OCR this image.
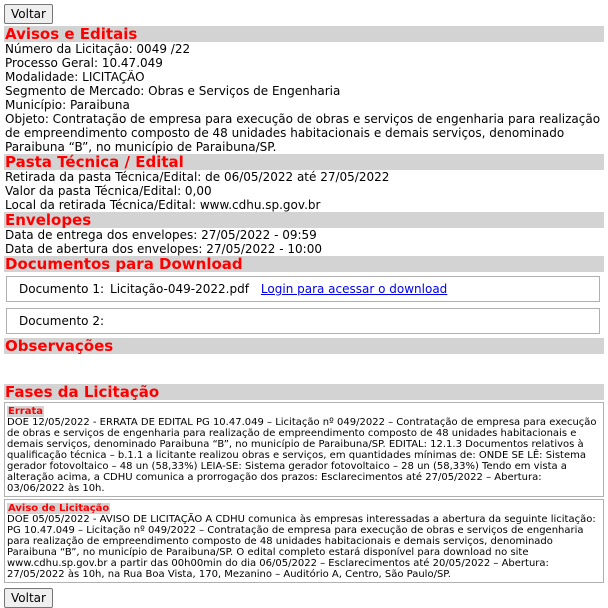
Voltar
Avisos e Editais
Número da Licitação: 0049 /22
Processo Geral: 10.47.049
Modalidade: LICITAÇÃO
Segmento de Mercado: Obras e Serviços de Engenharia
Município: Paraibuna
Objeto: Contratação de empresa para execução de obras e serviços de engenharia para realização de empreendimento composto de 48 unidades habitacionais e demais serviços, denominado Paraibuna “B”, no município de Paraibuna/SP.
Pasta Técnica / Edital
Retirada da pasta Técnica/Edital: de 06/05/2022 até 27/05/2022
Valor da pasta Técnica/Edital: 0,00
Local da retirada Técnica/Edital: www.cdhu.sp.gov.br
Envelopes
Data de entrega dos envelopes: 27/05/2022 - 09:59
Data de abertura dos envelopes: 27/05/2022 - 10:00
Documentos para Download
Documento 1: Licitação-049-2022.pdf Login para acessar o download
Documento 2:
Observações
Fases da Licitação
Errata
DOE 12/05/2022 - ERRATA DE EDITAL PG 10.47.049 – Licitação nº 049/2022 – Contratação de empresa para execução de obras e serviços de engenharia para realização de empreendimento composto de 48 unidades habitacionais e demais serviços, denominado Paraibuna “B”, no município de Paraibuna/SP. EDITAL: 12.1.3 Documentos relativos à qualificação técnica – b.1.1 a licitante realizou obras e serviços, em quantidades mínimas de: ONDE SE LÊ: Sistema gerador fotovoltaico – 48 un (58,33%) LEIA-SE: Sistema gerador fotovoltaico – 28 un (58,33%) Tendo em vista a alteração acima, a CDHU comunica a prorrogação dos prazos: Esclarecimentos até 27/05/2022 – Abertura: 03/06/2022 às 10h.
Aviso de Licitação
DOE 05/05/2022 - AVISO DE LICITAÇÃO A CDHU comunica às empresas interessadas a abertura da seguinte licitação: PG 10.47.049 – Licitação nº 049/2022 – Contratação de empresa para execução de obras e serviços de engenharia para realização de empreendimento composto de 48 unidades habitacionais e demais serviços, denominado Paraibuna “B”, no município de Paraibuna/SP. O edital completo estará disponível para download no site www.cdhu.sp.gov.br a partir das 00h00min do dia 06/05/2022 – Esclarecimentos até 20/05/2022 – Abertura: 27/05/2022 às 10h, na Rua Boa Vista, 170, Mezanino – Auditório A, Centro, São Paulo/SP.
Voltar
